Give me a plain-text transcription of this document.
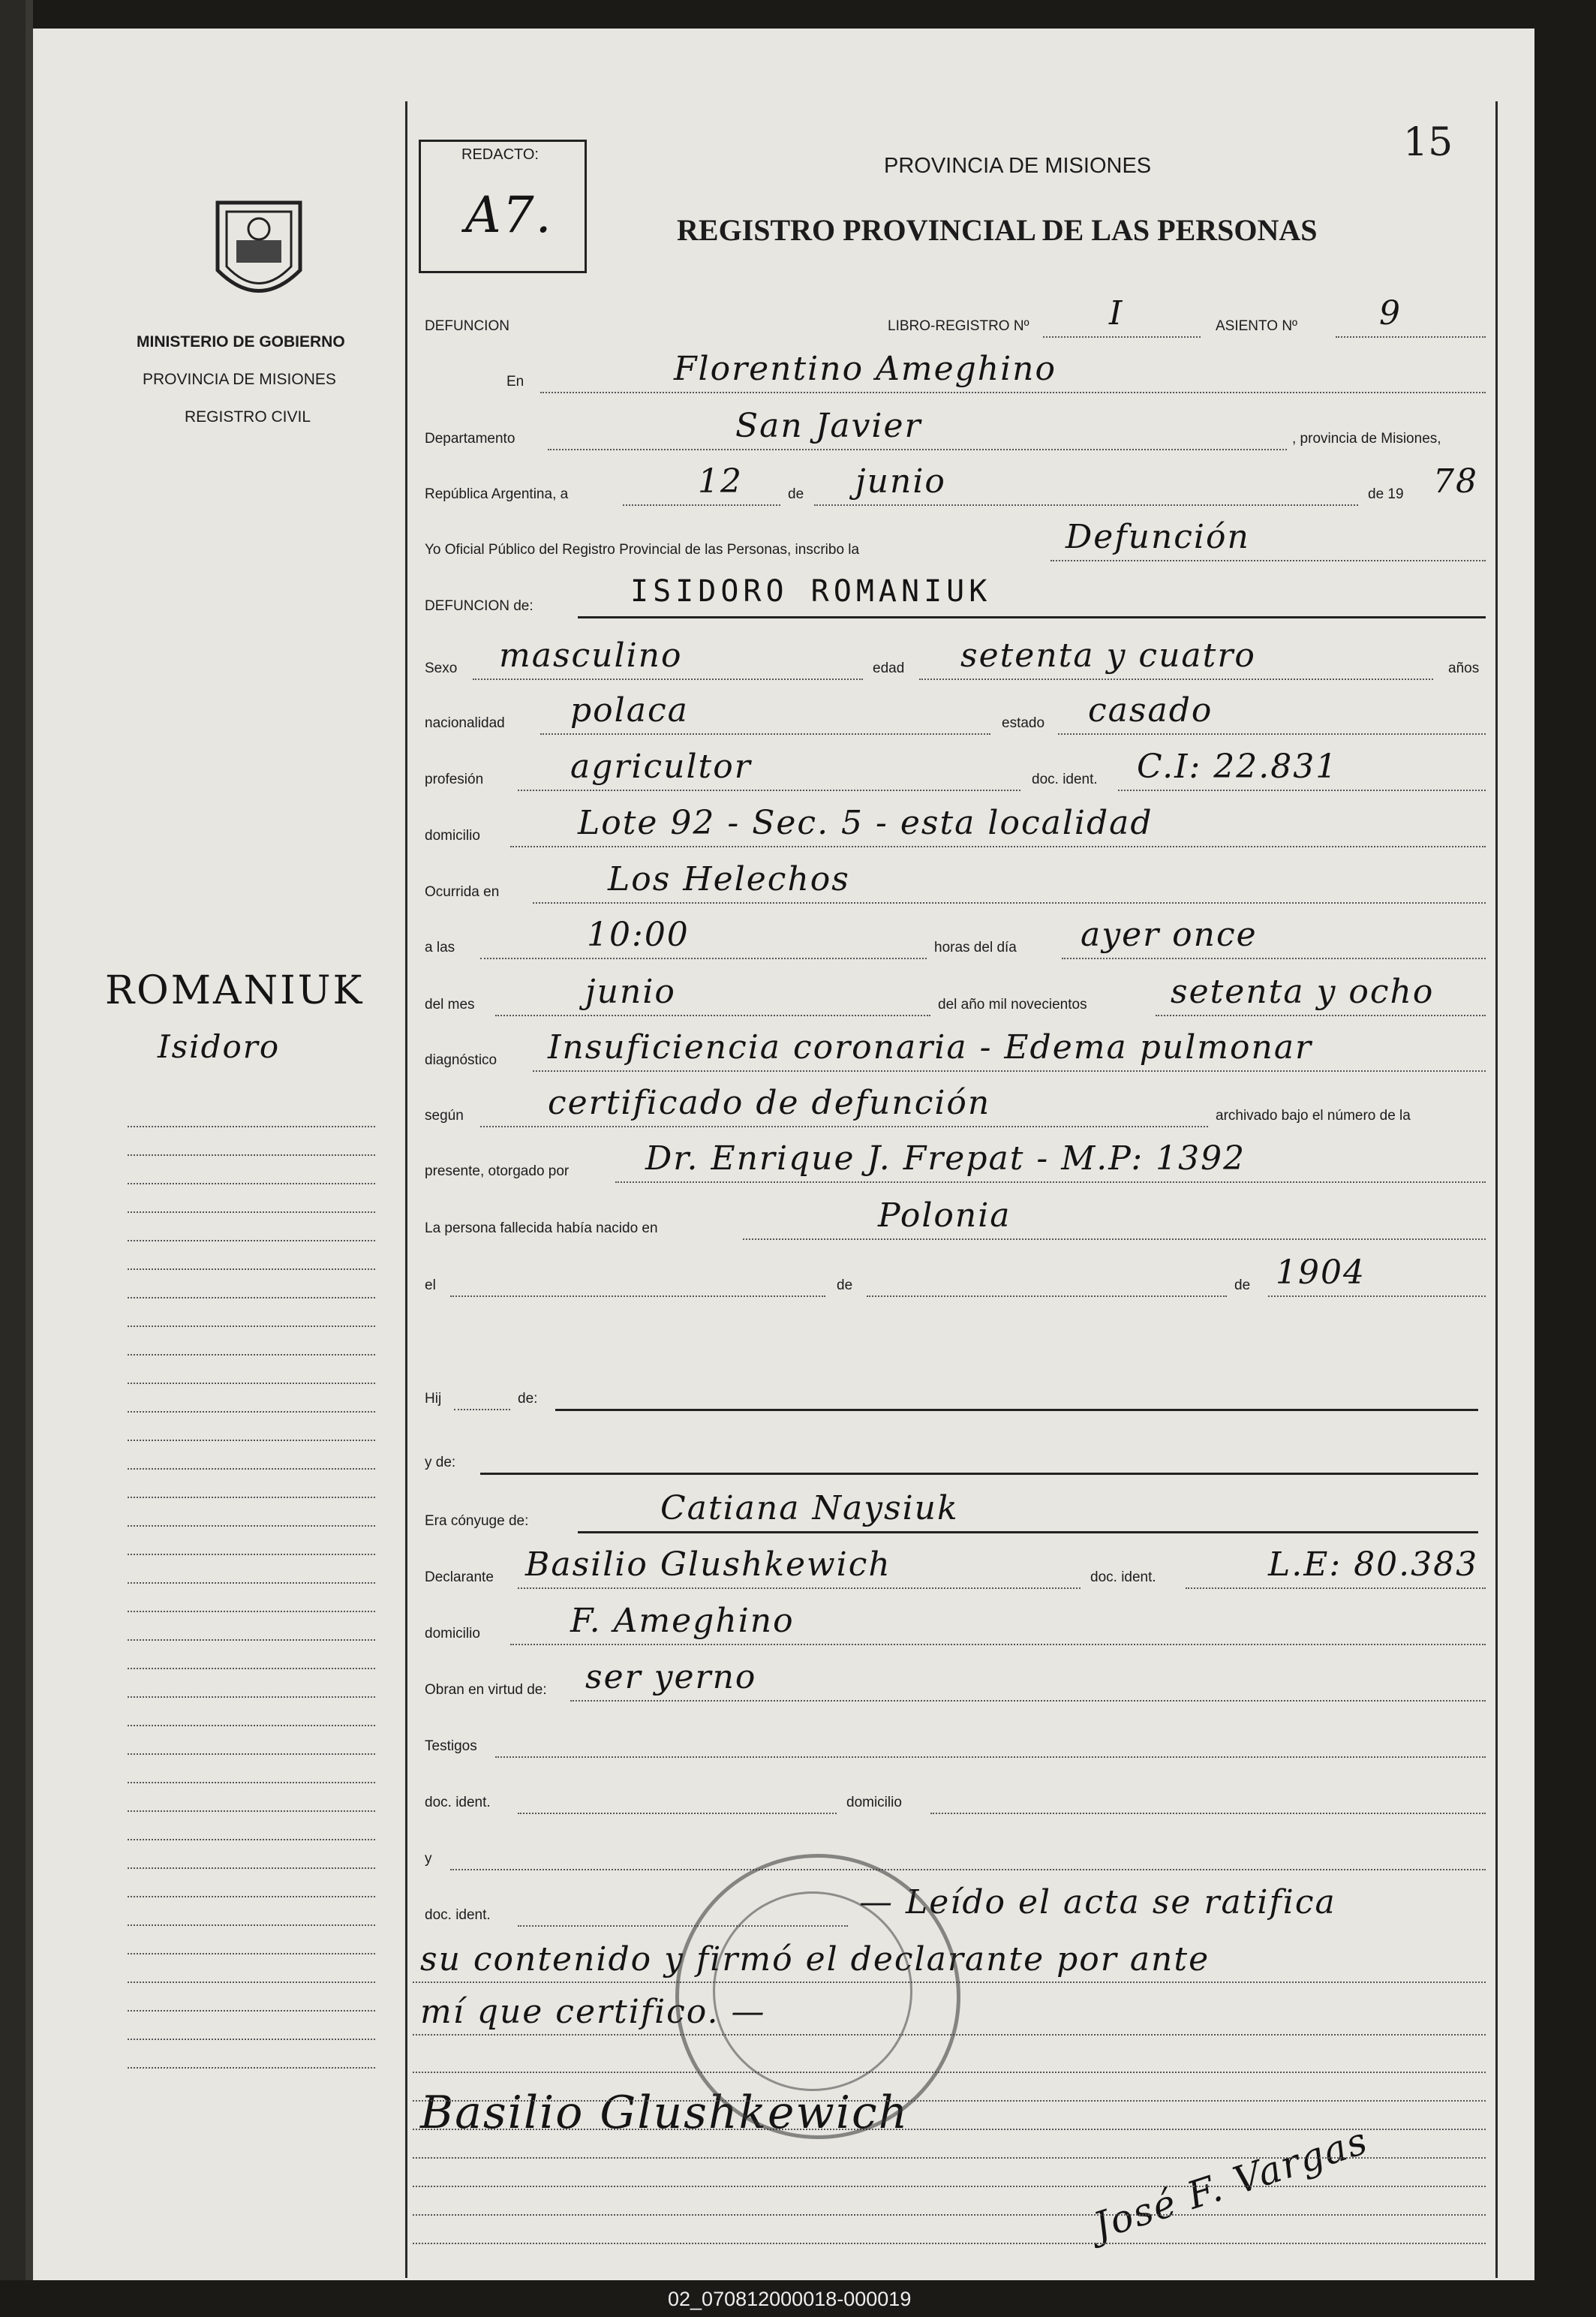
MINISTERIO DE GOBIERNO
PROVINCIA DE MISIONES
REGISTRO CIVIL
ROMANIUK
Isidoro
REDACTO:
A7.
15
PROVINCIA DE MISIONES
REGISTRO PROVINCIAL DE LAS PERSONAS
DEFUNCION	LIBRO-REGISTRO Nº I	ASIENTO Nº 9
En	Florentino Ameghino
Departamento	San Javier	, provincia de Misiones,
República Argentina, a	12	de junio	de 19 78
Yo Oficial Público del Registro Provincial de las Personas, inscribo la	Defunción
DEFUNCION de:	ISIDORO ROMANIUK
Sexo masculino	edad setenta y cuatro	años
nacionalidad polaca	estado casado
profesión	agricultor	doc. ident. C.I: 22.831
domicilio	Lote 92 - Sec. 5 - esta localidad
Ocurrida en	Los Helechos
a las	10:00	horas del día ayer once
del mes	junio	del año mil novecientos	setenta y ocho
diagnóstico Insuficiencia coronaria - Edema pulmonar
según	certificado de defunción	archivado bajo el número de la
presente, otorgado por Dr. Enrique J. Frepat - M.P: 1392
La persona fallecida había nacido en	Polonia
el	de	de 1904
Hij	de:
y de:
Era cónyuge de:	Catiana Naysiuk
Declarante Basilio Glushkewich	doc. ident.	L.E: 80.383
domicilio	F. Ameghino
Obran en virtud de: ser yerno
Testigos
doc. ident.	domicilio
y
doc. ident.	— Leído el acta se ratifica
su contenido y firmó el declarante por ante
mí que certifico. —
Basilio Glushkewich
José F. Vargas
02_070812000018-000019
